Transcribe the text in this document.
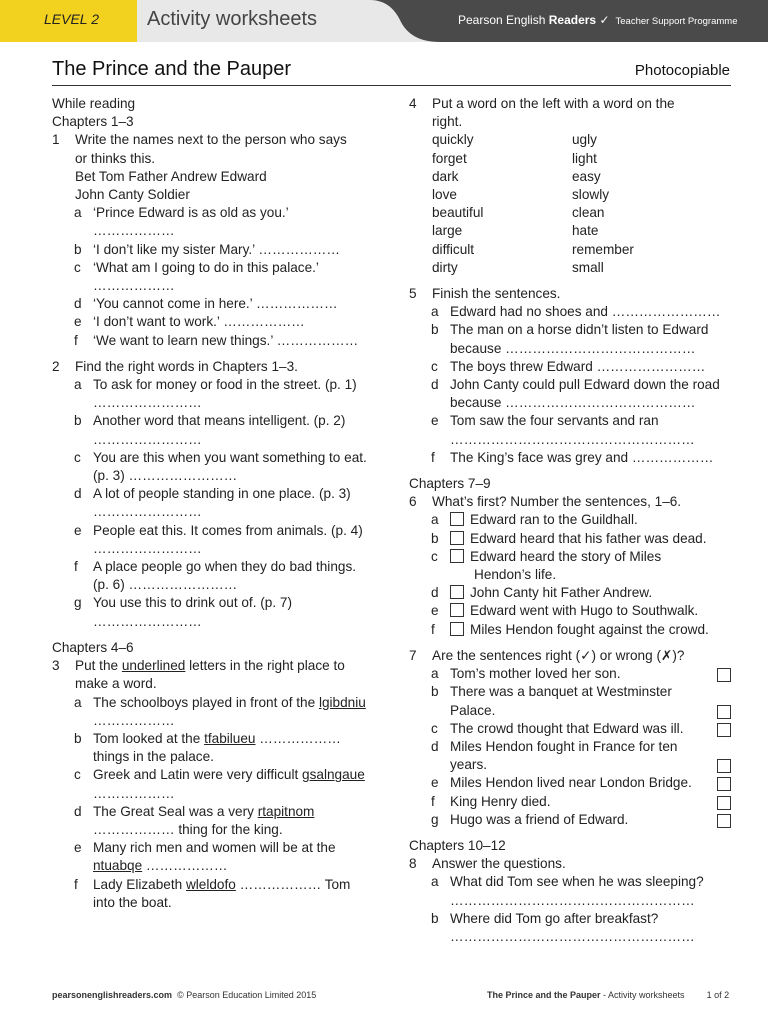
LEVEL 2 Activity worksheets	Pearson English Readers ✓ Teacher Support Programme
The Prince and the Pauper	Photocopiable
While reading
Chapters 1–3
1 Write the names next to the person who says
or thinks this.
Bet Tom Father Andrew Edward
John Canty Soldier
a ‘Prince Edward is as old as you.’
………………
b ‘I don’t like my sister Mary.’ ………………
c ‘What am I going to do in this palace.’
………………
d ‘You cannot come in here.’ ………………
e ‘I don’t want to work.’ ………………
f ‘We want to learn new things.’ ………………
2 Find the right words in Chapters 1–3.
a To ask for money or food in the street. (p. 1)
……………………
b Another word that means intelligent. (p. 2)
……………………
c You are this when you want something to eat.
(p. 3) ……………………
d A lot of people standing in one place. (p. 3)
……………………
e People eat this. It comes from animals. (p. 4)
……………………
f A place people go when they do bad things.
(p. 6) ……………………
g You use this to drink out of. (p. 7)
……………………
Chapters 4–6
3 Put the underlined letters in the right place to
make a word.
a The schoolboys played in front of the lgibdniu
………………
b Tom looked at the tfabilueu ………………
things in the palace.
c Greek and Latin were very difficult gsalngaue
………………
d The Great Seal was a very rtapitnom
……………… thing for the king.
e Many rich men and women will be at the
ntuabqe ………………
f Lady Elizabeth wleldofo ……………… Tom
into the boat.
4 Put a word on the left with a word on the
right.
quickly	ugly
forget	light
dark	easy
love	slowly
beautiful	clean
large	hate
difficult	remember
dirty	small
5 Finish the sentences.
a Edward had no shoes and ……………………
b The man on a horse didn’t listen to Edward
because ……………………………………
c The boys threw Edward ……………………
d John Canty could pull Edward down the road
because ……………………………………
e Tom saw the four servants and ran
………………………………………………
f The King’s face was grey and ………………
Chapters 7–9
6 What’s first? Number the sentences, 1–6.
a Edward ran to the Guildhall.
b Edward heard that his father was dead.
c Edward heard the story of Miles
Hendon’s life.
d John Canty hit Father Andrew.
e Edward went with Hugo to Southwalk.
f	Miles Hendon fought against the crowd.
7 Are the sentences right (✓) or wrong (✗)?
a Tom’s mother loved her son.
b There was a banquet at Westminster
Palace.
c The crowd thought that Edward was ill.
d Miles Hendon fought in France for ten
years.
e Miles Hendon lived near London Bridge.
f King Henry died.
g Hugo was a friend of Edward.
Chapters 10–12
8 Answer the questions.
a What did Tom see when he was sleeping?
………………………………………………
b Where did Tom go after breakfast?
………………………………………………
pearsonenglishreaders.com © Pearson Education Limited 2015	The Prince and the Pauper - Activity worksheets 1 of 2
